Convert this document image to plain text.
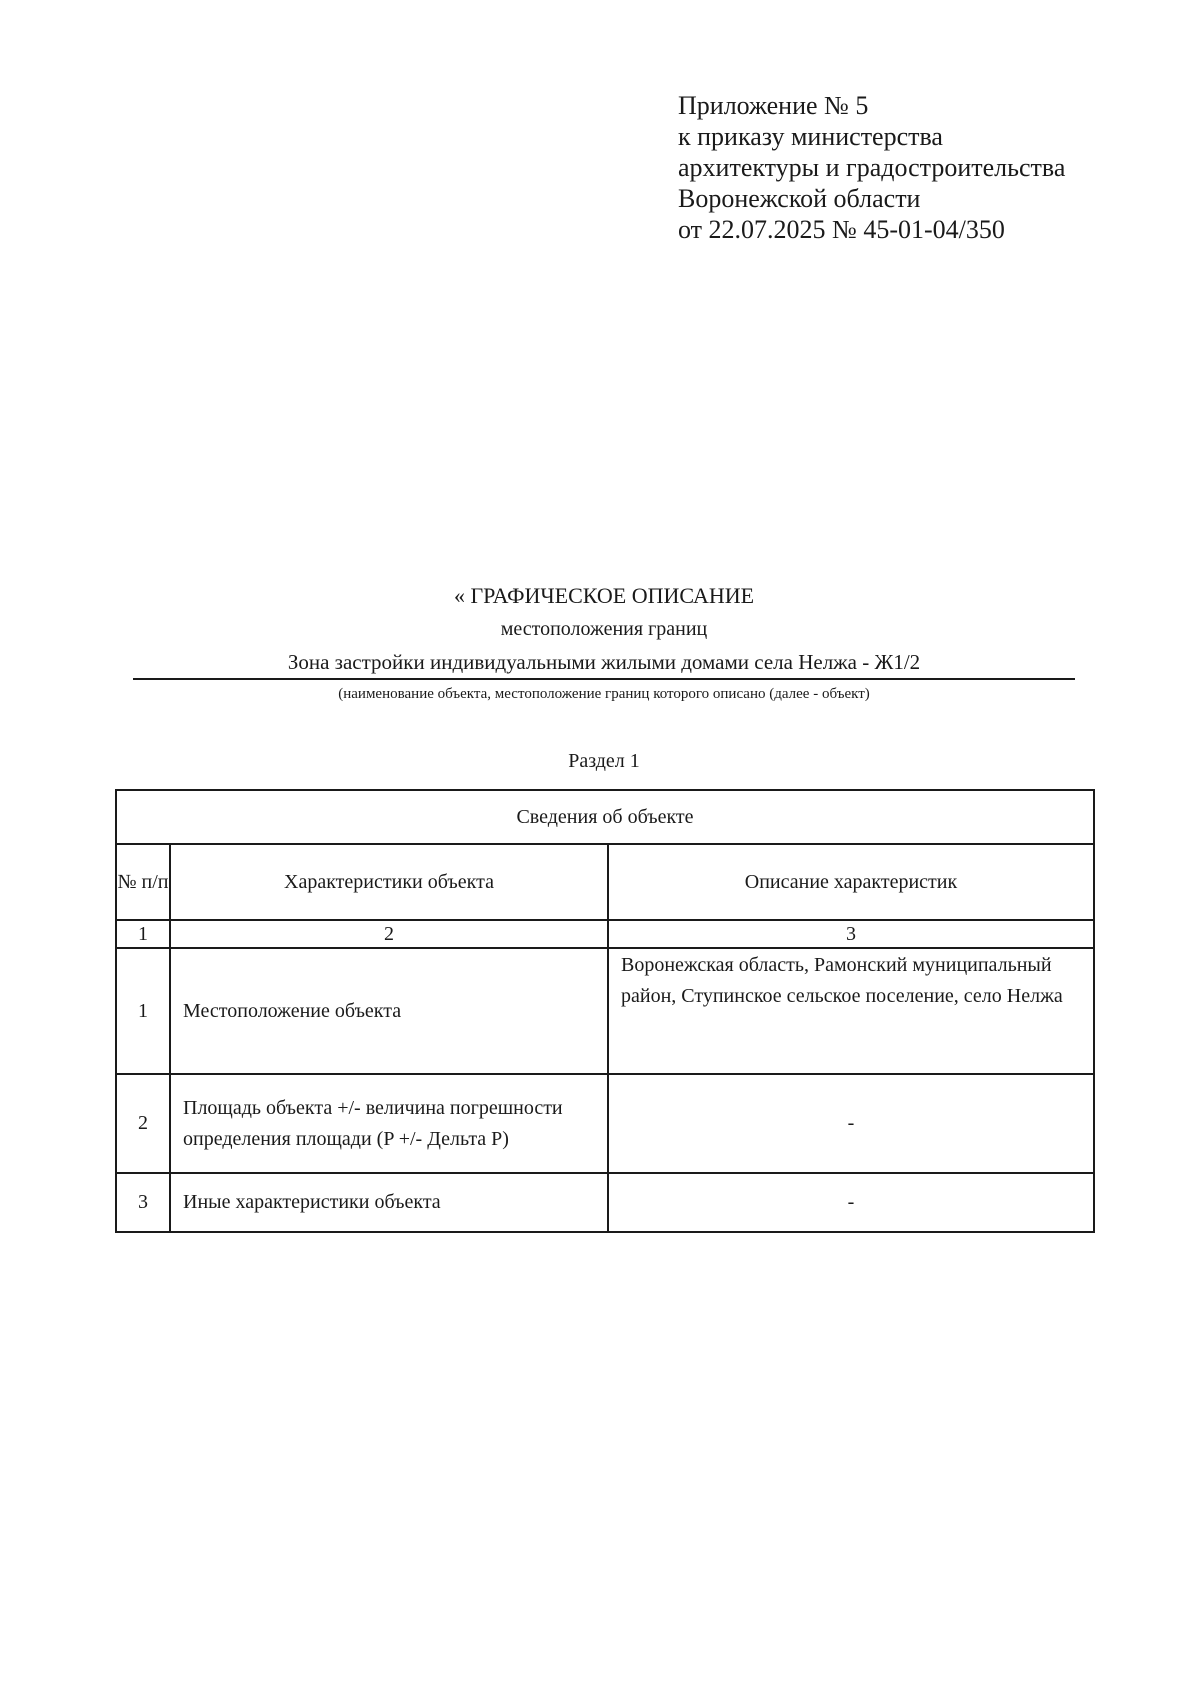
Приложение № 5
к приказу министерства
архитектуры и градостроительства
Воронежской области
от 22.07.2025 № 45-01-04/350
« ГРАФИЧЕСКОЕ ОПИСАНИЕ
местоположения границ
Зона застройки индивидуальными жилыми домами села Нелжа - Ж1/2
(наименование объекта, местоположение границ которого описано (далее - объект)
Раздел 1
Сведения об объекте		
№ п/п	Характеристики объекта	Описание характеристик
1	2	3
1	Местоположение объекта	Воронежская область, Рамонский муниципальный район, Ступинское сельское поселение, село Нелжа
2	Площадь объекта +/- величина погрешности определения площади (P +/- Дельта P)	-
3	Иные характеристики объекта	-
